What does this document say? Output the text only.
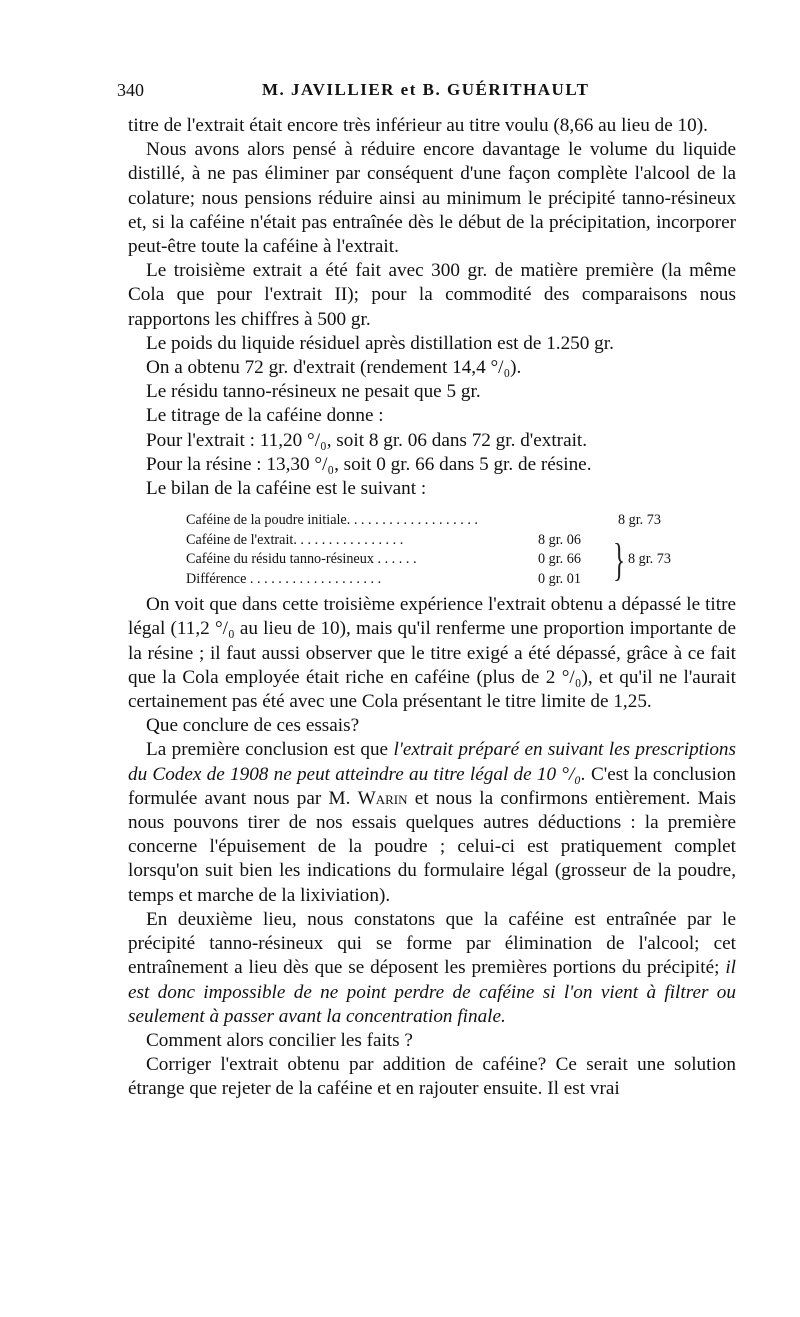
340	M. JAVILLIER et B. GUÉRITHAULT

titre de l'extrait était encore très inférieur au titre voulu (8,66 au lieu de 10).

Nous avons alors pensé à réduire encore davantage le volume du liquide distillé, à ne pas éliminer par conséquent d'une façon complète l'alcool de la colature; nous pensions réduire ainsi au minimum le précipité tanno-résineux et, si la caféine n'était pas entraînée dès le début de la précipitation, incorporer peut-être toute la caféine à l'extrait.

Le troisième extrait a été fait avec 300 gr. de matière première (la même Cola que pour l'extrait II); pour la commodité des comparaisons nous rapportons les chiffres à 500 gr.

Le poids du liquide résiduel après distillation est de 1.250 gr.

On a obtenu 72 gr. d'extrait (rendement 14,4 °/₀).

Le résidu tanno-résineux ne pesait que 5 gr.

Le titrage de la caféine donne :

Pour l'extrait : 11,20 °/₀, soit 8 gr. 06 dans 72 gr. d'extrait.

Pour la résine : 13,30 °/₀, soit 0 gr. 66 dans 5 gr. de résine.

Le bilan de la caféine est le suivant :

Caféine de la poudre initiale. . . . . . . . . . . . . . . . . . .	8 gr. 73
Caféine de l'extrait. . . . . . . . . . . . . . . .	8 gr. 06
Caféine du résidu tanno-résineux . . . . . .	0 gr. 66	8 gr. 73
Différence . . . . . . . . . . . . . . . . . . .	0 gr. 01 }

On voit que dans cette troisième expérience l'extrait obtenu a dépassé le titre légal (11,2 °/₀ au lieu de 10), mais qu'il renferme une proportion importante de la résine ; il faut aussi observer que le titre exigé a été dépassé, grâce à ce fait que la Cola employée était riche en caféine (plus de 2 °/₀), et qu'il ne l'aurait certainement pas été avec une Cola présentant le titre limite de 1,25.

Que conclure de ces essais?

La première conclusion est que l'extrait préparé en suivant les prescriptions du Codex de 1908 ne peut atteindre au titre légal de 10 °/₀. C'est la conclusion formulée avant nous par M. Warin et nous la confirmons entièrement. Mais nous pouvons tirer de nos essais quelques autres déductions : la première concerne l'épuisement de la poudre ; celui-ci est pratiquement complet lorsqu'on suit bien les indications du formulaire légal (grosseur de la poudre, temps et marche de la lixiviation).

En deuxième lieu, nous constatons que la caféine est entraînée par le précipité tanno-résineux qui se forme par élimination de l'alcool; cet entraînement a lieu dès que se déposent les premières portions du précipité; il est donc impossible de ne point perdre de caféine si l'on vient à filtrer ou seulement à passer avant la concentration finale.

Comment alors concilier les faits ?

Corriger l'extrait obtenu par addition de caféine? Ce serait une solution étrange que rejeter de la caféine et en rajouter ensuite. Il est vrai
